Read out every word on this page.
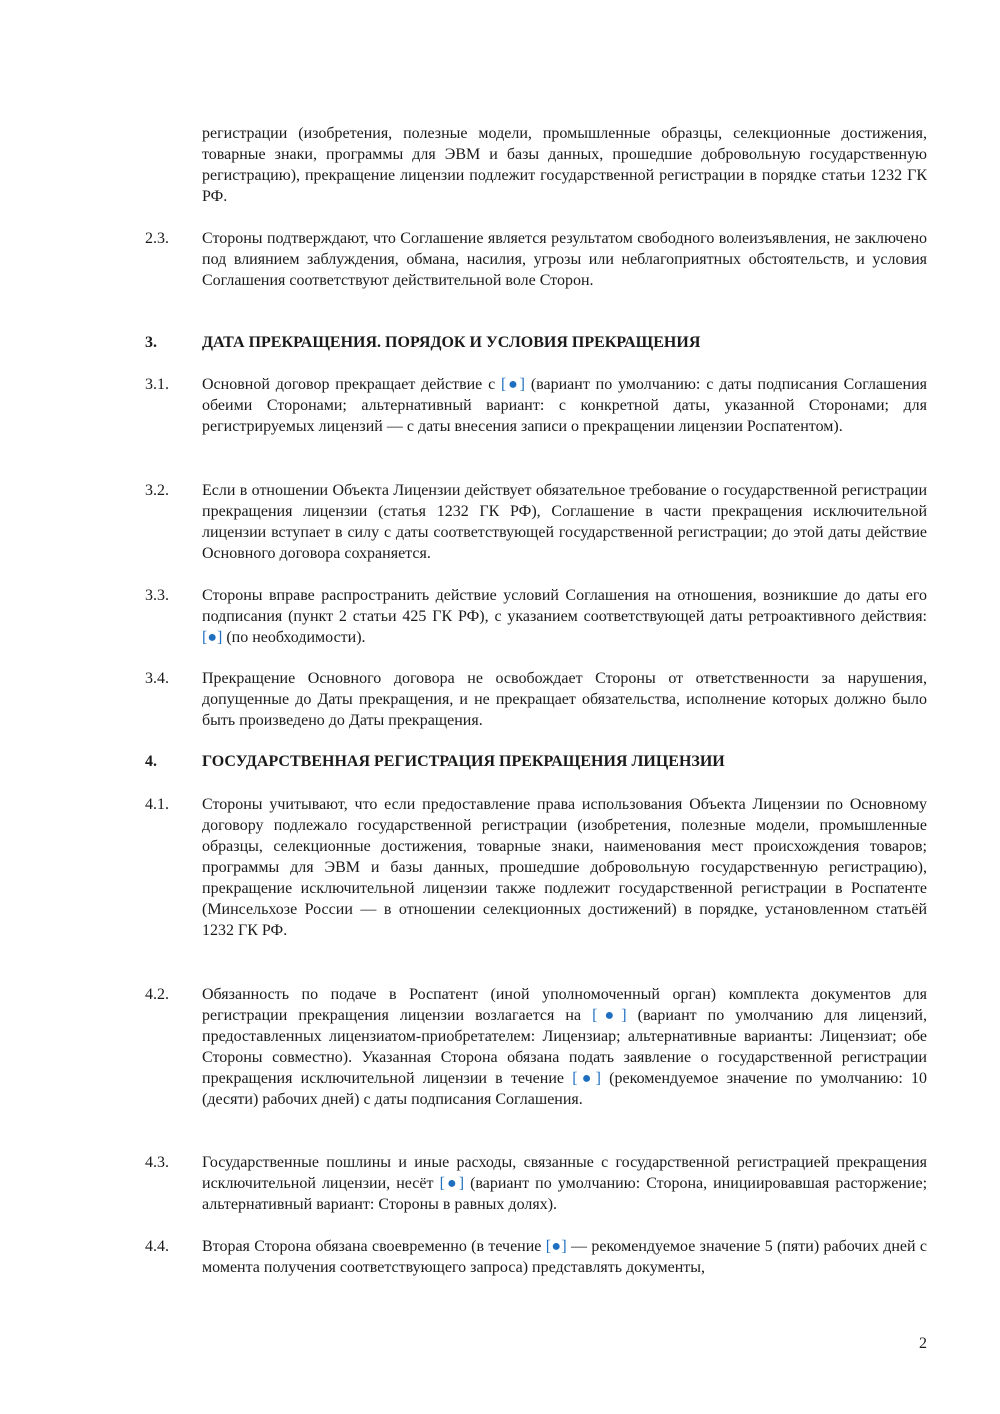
регистрации (изобретения, полезные модели, промышленные образцы, селекционные достижения, товарные знаки, программы для ЭВМ и базы данных, прошедшие добровольную государственную регистрацию), прекращение лицензии подлежит государственной регистрации в порядке статьи 1232 ГК РФ.
2.3. Стороны подтверждают, что Соглашение является результатом свободного волеизъявления, не заключено под влиянием заблуждения, обмана, насилия, угрозы или неблагоприятных обстоятельств, и условия Соглашения соответствуют действительной воле Сторон.
3.	ДАТА ПРЕКРАЩЕНИЯ. ПОРЯДОК И УСЛОВИЯ ПРЕКРАЩЕНИЯ
3.1. Основной договор прекращает действие с [●] (вариант по умолчанию: с даты подписания Соглашения обеими Сторонами; альтернативный вариант: с конкретной даты, указанной Сторонами; для регистрируемых лицензий — с даты внесения записи о прекращении лицензии Роспатентом).
3.2. Если в отношении Объекта Лицензии действует обязательное требование о государственной регистрации прекращения лицензии (статья 1232 ГК РФ), Соглашение в части прекращения исключительной лицензии вступает в силу с даты соответствующей государственной регистрации; до этой даты действие Основного договора сохраняется.
3.3. Стороны вправе распространить действие условий Соглашения на отношения, возникшие до даты его подписания (пункт 2 статьи 425 ГК РФ), с указанием соответствующей даты ретроактивного действия: [●] (по необходимости).
3.4. Прекращение Основного договора не освобождает Стороны от ответственности за нарушения, допущенные до Даты прекращения, и не прекращает обязательства, исполнение которых должно было быть произведено до Даты прекращения.
4.	ГОСУДАРСТВЕННАЯ РЕГИСТРАЦИЯ ПРЕКРАЩЕНИЯ ЛИЦЕНЗИИ
4.1. Стороны учитывают, что если предоставление права использования Объекта Лицензии по Основному договору подлежало государственной регистрации (изобретения, полезные модели, промышленные образцы, селекционные достижения, товарные знаки, наименования мест происхождения товаров; программы для ЭВМ и базы данных, прошедшие добровольную государственную регистрацию), прекращение исключительной лицензии также подлежит государственной регистрации в Роспатенте (Минсельхозе России — в отношении селекционных достижений) в порядке, установленном статьёй 1232 ГК РФ.
4.2. Обязанность по подаче в Роспатент (иной уполномоченный орган) комплекта документов для регистрации прекращения лицензии возлагается на [●] (вариант по умолчанию для лицензий, предоставленных лицензиатом-приобретателем: Лицензиар; альтернативные варианты: Лицензиат; обе Стороны совместно). Указанная Сторона обязана подать заявление о государственной регистрации прекращения исключительной лицензии в течение [●] (рекомендуемое значение по умолчанию: 10 (десяти) рабочих дней) с даты подписания Соглашения.
4.3. Государственные пошлины и иные расходы, связанные с государственной регистрацией прекращения исключительной лицензии, несёт [●] (вариант по умолчанию: Сторона, инициировавшая расторжение; альтернативный вариант: Стороны в равных долях).
4.4. Вторая Сторона обязана своевременно (в течение [●] — рекомендуемое значение 5 (пяти) рабочих дней с момента получения соответствующего запроса) представлять документы,
2
